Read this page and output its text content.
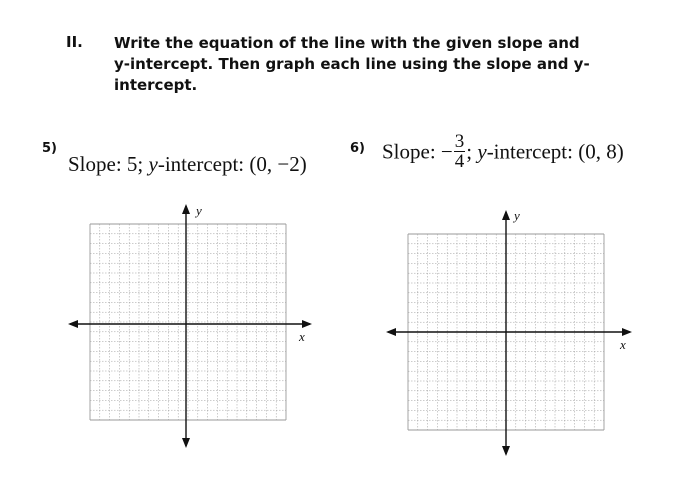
II. Write the equation of the line with the given slope and y-intercept. Then graph each line using the slope and y-intercept.
5)
Slope: 5; y-intercept: (0, −2)
6) Slope: − $\frac{3}{4}$ ; y-intercept: (0, 8)
x
y
x
y
